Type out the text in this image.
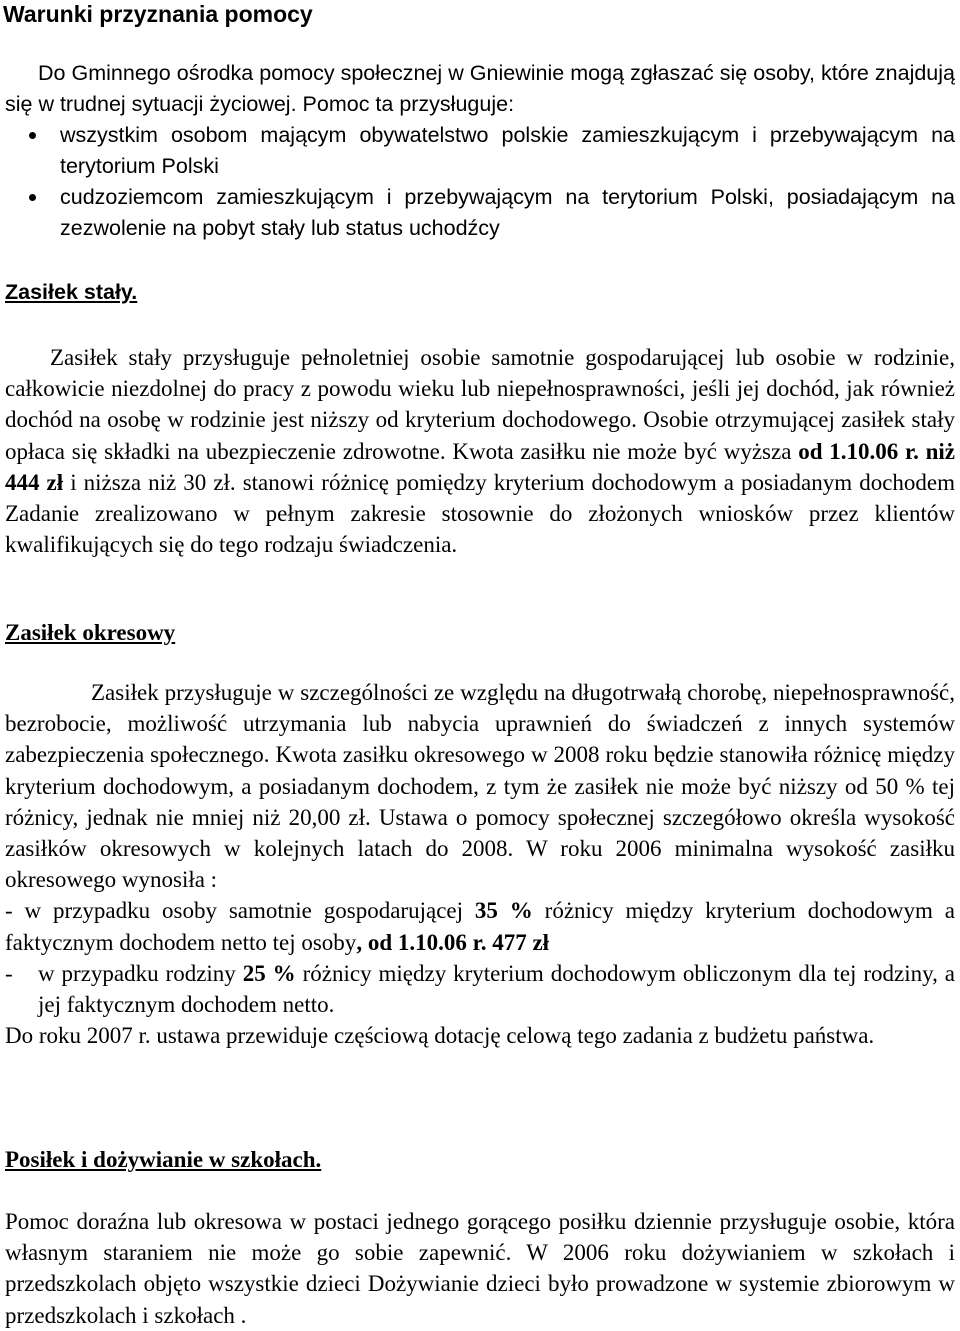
Warunki przyznania pomocy

Do Gminnego ośrodka pomocy społecznej w Gniewinie mogą zgłaszać się osoby, które znajdują się w trudnej sytuacji życiowej. Pomoc ta przysługuje:

wszystkim osobom mającym obywatelstwo polskie zamieszkującym i przebywającym na terytorium Polski
cudzoziemcom zamieszkującym i przebywającym na terytorium Polski, posiadającym na zezwolenie na pobyt stały lub status uchodźcy
Zasiłek stały.

Zasiłek stały przysługuje pełnoletniej osobie samotnie gospodarującej lub osobie w rodzinie, całkowicie niezdolnej do pracy z powodu wieku lub niepełnosprawności, jeśli jej dochód, jak również dochód na osobę w rodzinie jest niższy od kryterium dochodowego. Osobie otrzymującej zasiłek stały opłaca się składki na ubezpieczenie zdrowotne. Kwota zasiłku nie może być wyższa od 1.10.06 r. niż 444 zł i niższa niż 30 zł. stanowi różnicę pomiędzy kryterium dochodowym a posiadanym dochodem Zadanie zrealizowano w pełnym zakresie stosownie do złożonych wniosków przez klientów kwalifikujących się do tego rodzaju świadczenia.

Zasiłek okresowy
Zasiłek przysługuje w szczególności ze względu na długotrwałą chorobę, niepełnosprawność, bezrobocie, możliwość utrzymania lub nabycia uprawnień do świadczeń z innych systemów zabezpieczenia społecznego. Kwota zasiłku okresowego w 2008 roku będzie stanowiła różnicę między kryterium dochodowym, a posiadanym dochodem, z tym że zasiłek nie może być niższy od 50 % tej różnicy, jednak nie mniej niż 20,00 zł. Ustawa o pomocy społecznej szczegółowo określa wysokość zasiłków okresowych w kolejnych latach do 2008. W roku 2006 minimalna wysokość zasiłku okresowego wynosiła :
- w przypadku osoby samotnie gospodarującej 35 % różnicy między kryterium dochodowym a faktycznym dochodem netto tej osoby, od 1.10.06 r. 477 zł
- w przypadku rodziny 25 % różnicy między kryterium dochodowym obliczonym dla tej rodziny, a jej faktycznym dochodem netto.
Do roku 2007 r. ustawa przewiduje częściową dotację celową tego zadania z budżetu państwa.
Posiłek i dożywianie w szkołach.

Pomoc doraźna lub okresowa w postaci jednego gorącego posiłku dziennie przysługuje osobie, która własnym staraniem nie może go sobie zapewnić. W 2006 roku dożywianiem w szkołach i przedszkolach objęto wszystkie dzieci Dożywianie dzieci było prowadzone w systemie zbiorowym w przedszkolach i szkołach .
